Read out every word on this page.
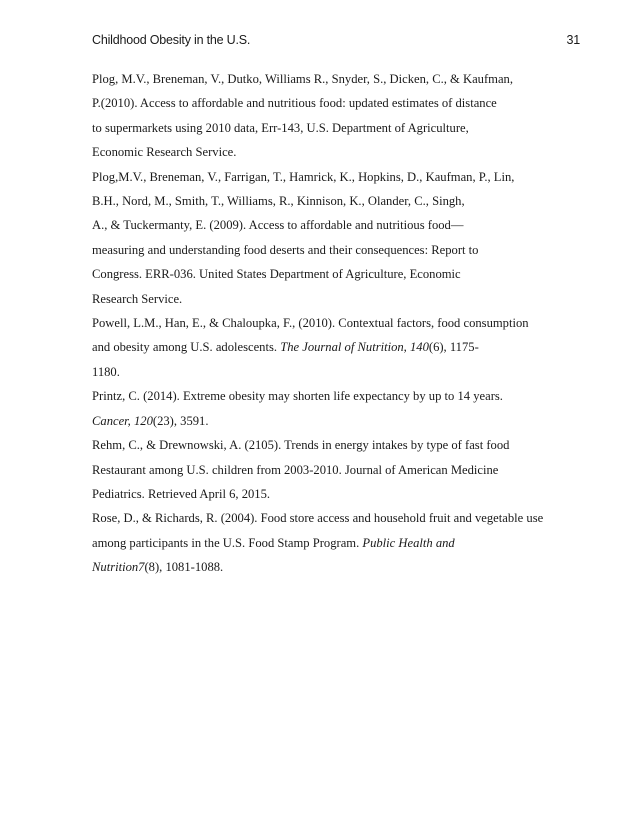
Childhood Obesity in the U.S.	31
Plog, M.V., Breneman, V., Dutko, Williams R., Snyder, S., Dicken, C., & Kaufman,
P.(2010). Access to affordable and nutritious food: updated estimates of distance
to supermarkets using 2010 data, Err-143, U.S. Department of Agriculture,
Economic Research Service.
Plog,M.V., Breneman, V., Farrigan, T., Hamrick, K., Hopkins, D., Kaufman, P., Lin,
B.H., Nord, M., Smith, T., Williams, R., Kinnison, K., Olander, C., Singh,
A., & Tuckermanty, E. (2009). Access to affordable and nutritious food—
measuring and understanding food deserts and their consequences: Report to
Congress. ERR-036. United States Department of Agriculture, Economic
Research Service.
Powell, L.M., Han, E., & Chaloupka, F., (2010). Contextual factors, food consumption
and obesity among U.S. adolescents. The Journal of Nutrition, 140(6), 1175-
1180.
Printz, C. (2014). Extreme obesity may shorten life expectancy by up to 14 years.
Cancer, 120(23), 3591.
Rehm, C., & Drewnowski, A. (2105). Trends in energy intakes by type of fast food
Restaurant among U.S. children from 2003-2010. Journal of American Medicine
Pediatrics. Retrieved April 6, 2015.
Rose, D., & Richards, R. (2004). Food store access and household fruit and vegetable use
among participants in the U.S. Food Stamp Program. Public Health and
Nutrition7(8), 1081-1088.
